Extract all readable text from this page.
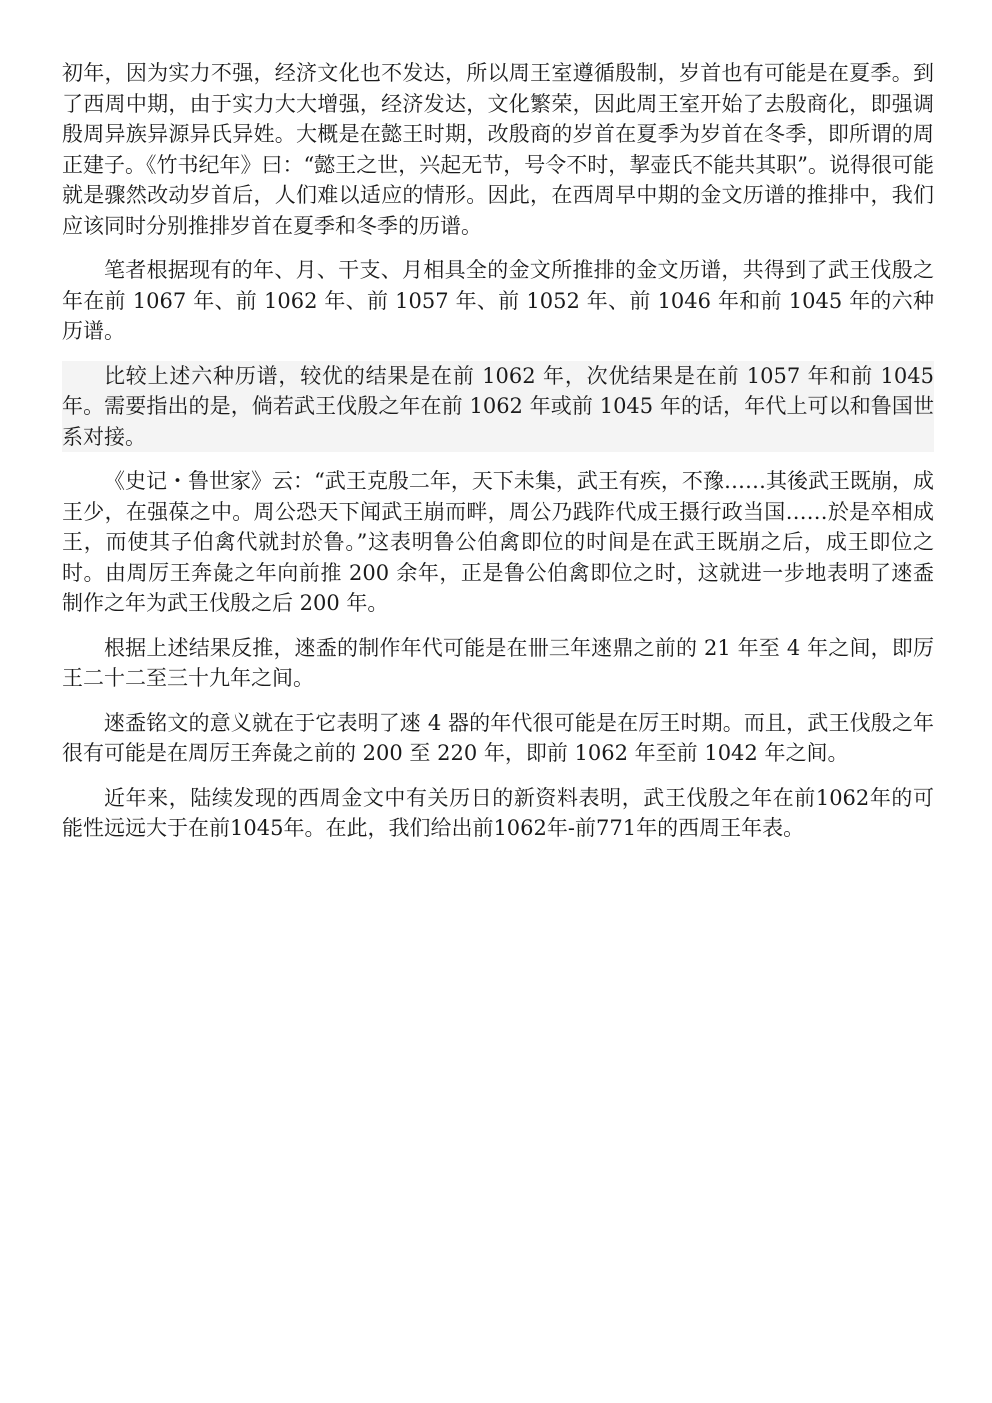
初年，因为实力不强，经济文化也不发达，所以周王室遵循殷制，岁首也有可能是在夏季。到了西周中期，由于实力大大增强，经济发达，文化繁荣，因此周王室开始了去殷商化，即强调殷周异族异源异氏异姓。大概是在懿王时期，改殷商的岁首在夏季为岁首在冬季，即所谓的周正建子。《竹书纪年》曰：“懿王之世，兴起无节，号令不时，挈壶氏不能共其职”。说得很可能就是骤然改动岁首后，人们难以适应的情形。因此，在西周早中期的金文历谱的推排中，我们应该同时分别推排岁首在夏季和冬季的历谱。

笔者根据现有的年、月、干支、月相具全的金文所推排的金文历谱，共得到了武王伐殷之年在前 1067 年、前 1062 年、前 1057 年、前 1052 年、前 1046 年和前 1045 年的六种历谱。

比较上述六种历谱，较优的结果是在前 1062 年，次优结果是在前 1057 年和前 1045 年。需要指出的是，倘若武王伐殷之年在前 1062 年或前 1045 年的话，年代上可以和鲁国世系对接。

《史记・鲁世家》云：“武王克殷二年，天下未集，武王有疾，不豫……其後武王既崩，成王少，在强葆之中。周公恐天下闻武王崩而畔，周公乃践阼代成王摄行政当国……於是卒相成王，而使其子伯禽代就封於鲁。”这表明鲁公伯禽即位的时间是在武王既崩之后，成王即位之时。由周厉王奔彘之年向前推 200 余年，正是鲁公伯禽即位之时，这就进一步地表明了逨盉制作之年为武王伐殷之后 200 年。

根据上述结果反推，逨盉的制作年代可能是在卌三年逨鼎之前的 21 年至 4 年之间，即厉王二十二至三十九年之间。

逨盉铭文的意义就在于它表明了逨 4 器的年代很可能是在厉王时期。而且，武王伐殷之年很有可能是在周厉王奔彘之前的 200 至 220 年，即前 1062 年至前 1042 年之间。

近年来，陆续发现的西周金文中有关历日的新资料表明，武王伐殷之年在前1062年的可能性远远大于在前1045年。在此，我们给出前1062年-前771年的西周王年表。
